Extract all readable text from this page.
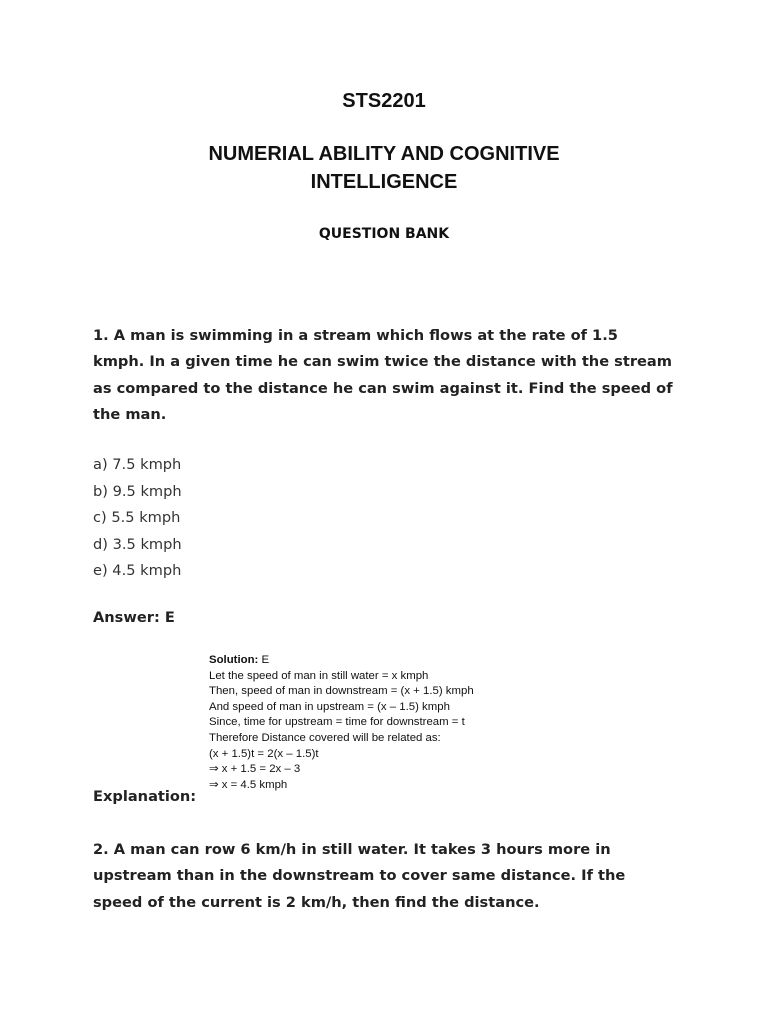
STS2201
NUMERIAL ABILITY AND COGNITIVE INTELLIGENCE
QUESTION BANK
1. A man is swimming in a stream which flows at the rate of 1.5 kmph. In a given time he can swim twice the distance with the stream as compared to the distance he can swim against it. Find the speed of the man.
a) 7.5 kmph
b) 9.5 kmph
c) 5.5 kmph
d) 3.5 kmph
e) 4.5 kmph
Answer: E
Solution: E
Let the speed of man in still water = x kmph
Then, speed of man in downstream = (x + 1.5) kmph
And speed of man in upstream = (x – 1.5) kmph
Since, time for upstream = time for downstream = t
Therefore Distance covered will be related as:
(x + 1.5)t = 2(x – 1.5)t
⇒ x + 1.5 = 2x – 3
⇒ x = 4.5 kmph
Explanation:
2. A man can row 6 km/h in still water. It takes 3 hours more in upstream than in the downstream to cover same distance. If the speed of the current is 2 km/h, then find the distance.
